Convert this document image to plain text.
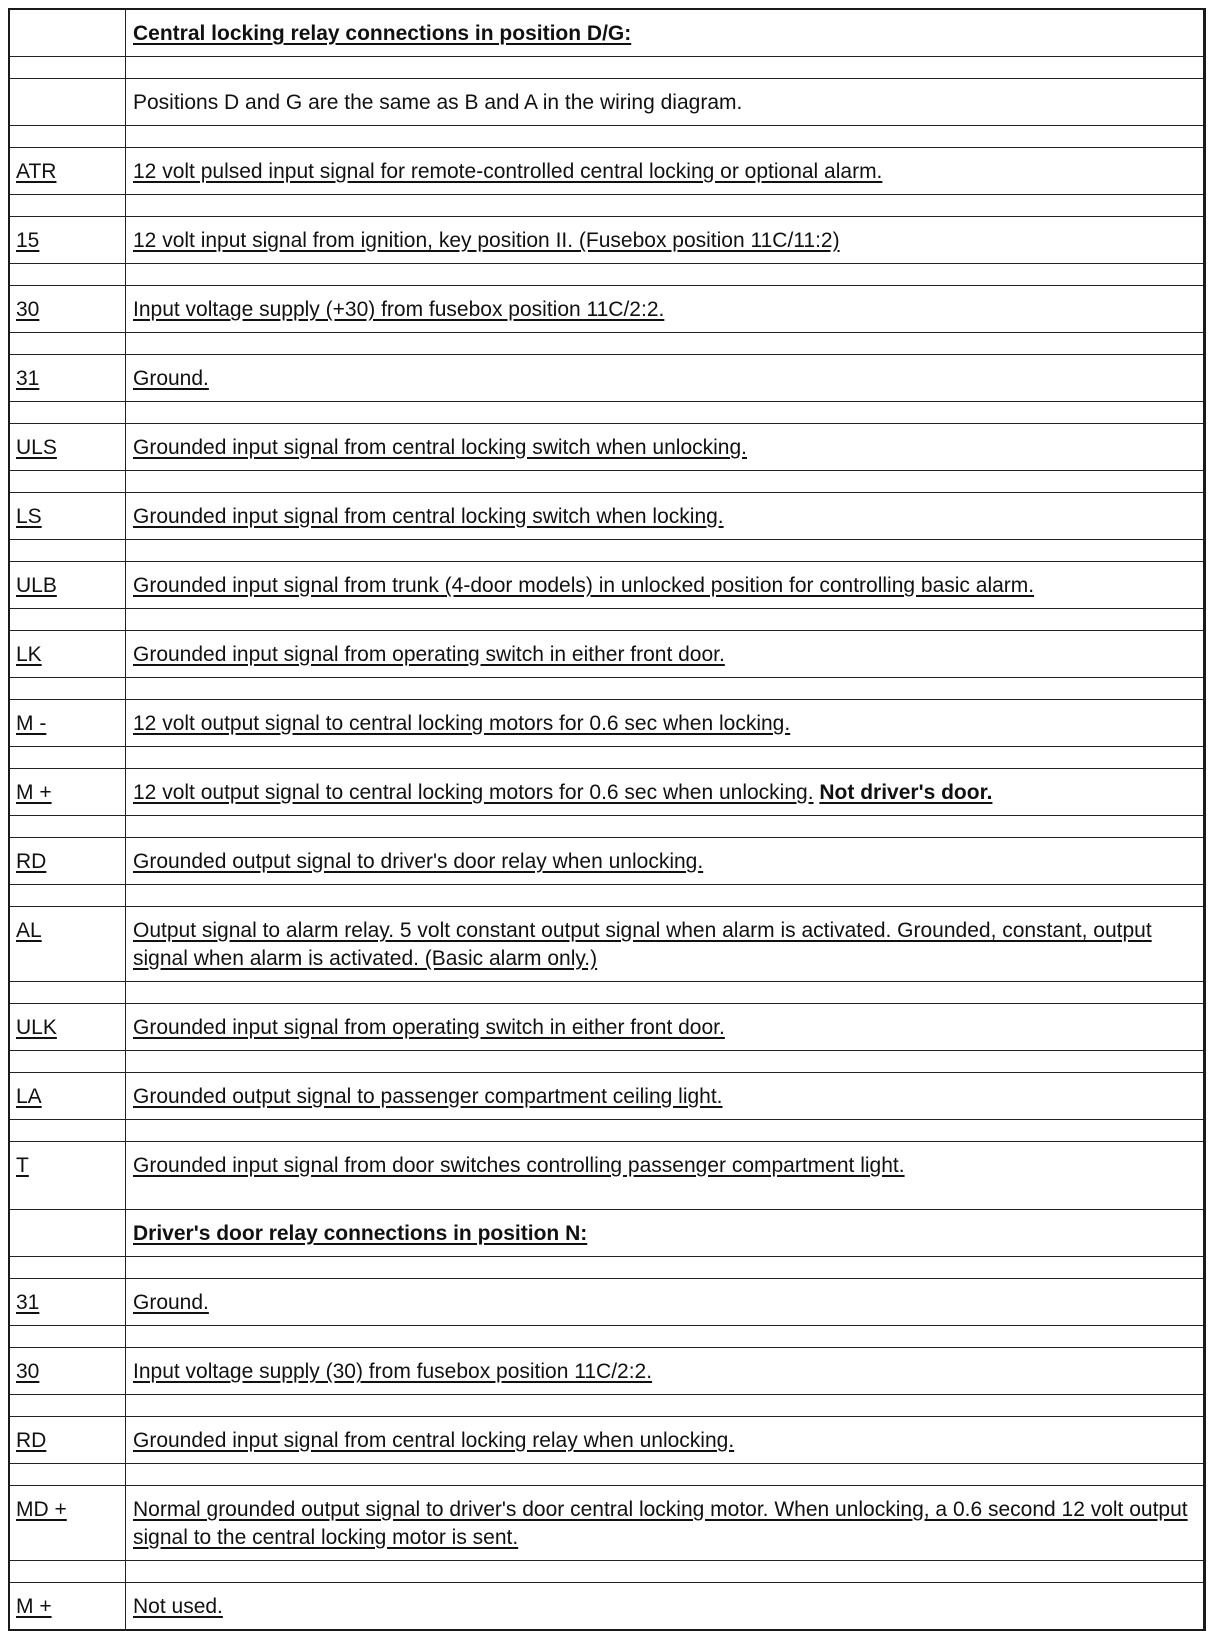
Central locking relay connections in position D/G:
Positions D and G are the same as B and A in the wiring diagram.
ATR	12 volt pulsed input signal for remote-controlled central locking or optional alarm.
15	12 volt input signal from ignition, key position II. (Fusebox position 11C/11:2)
30	Input voltage supply (+30) from fusebox position 11C/2:2.
31	Ground.
ULS	Grounded input signal from central locking switch when unlocking.
LS	Grounded input signal from central locking switch when locking.
ULB	Grounded input signal from trunk (4-door models) in unlocked position for controlling basic alarm.
LK	Grounded input signal from operating switch in either front door.
M -	12 volt output signal to central locking motors for 0.6 sec when locking.
M +	12 volt output signal to central locking motors for 0.6 sec when unlocking. Not driver's door.
RD	Grounded output signal to driver's door relay when unlocking.
AL	Output signal to alarm relay. 5 volt constant output signal when alarm is activated. Grounded, constant, output signal when alarm is activated. (Basic alarm only.)
ULK	Grounded input signal from operating switch in either front door.
LA	Grounded output signal to passenger compartment ceiling light.
T	Grounded input signal from door switches controlling passenger compartment light.
Driver's door relay connections in position N:
31	Ground.
30	Input voltage supply (30) from fusebox position 11C/2:2.
RD	Grounded input signal from central locking relay when unlocking.
MD +	Normal grounded output signal to driver's door central locking motor. When unlocking, a 0.6 second 12 volt output signal to the central locking motor is sent.
M +	Not used.
